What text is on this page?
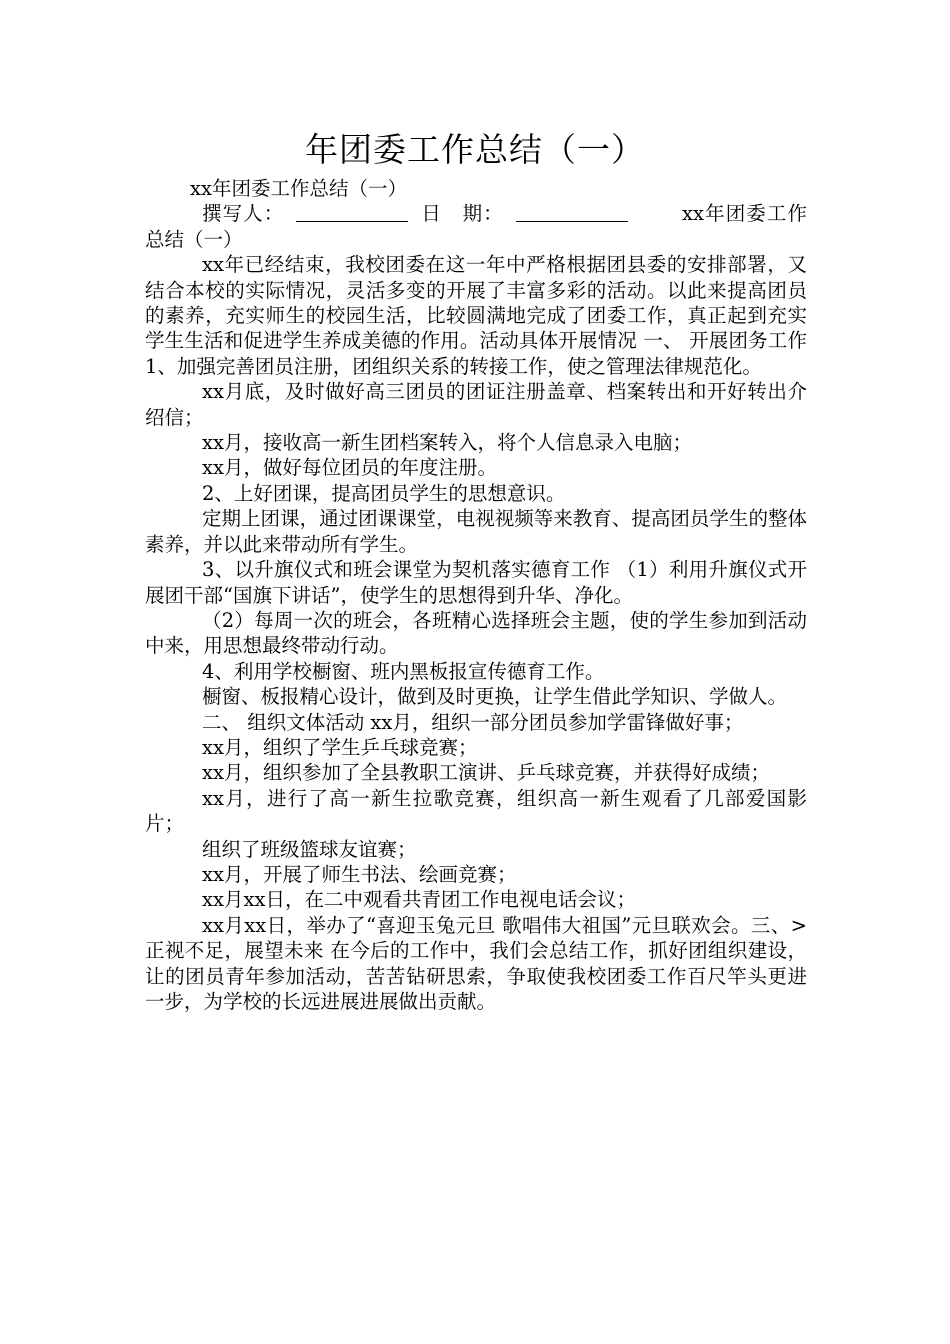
年团委工作总结（一）

xx年团委工作总结（一）

撰写人：	日　期：　　	xx年团委工作总结（一）

xx年已经结束，我校团委在这一年中严格根据团县委的安排部署，又结合本校的实际情况，灵活多变的开展了丰富多彩的活动。以此来提高团员的素养，充实师生的校园生活，比较圆满地完成了团委工作，真正起到充实学生生活和促进学生养成美德的作用。活动具体开展情况 一、 开展团务工作 1、加强完善团员注册，团组织关系的转接工作，使之管理法律规范化。

xx月底，及时做好高三团员的团证注册盖章、档案转出和开好转出介绍信；

xx月，接收高一新生团档案转入，将个人信息录入电脑；

xx月，做好每位团员的年度注册。

2、上好团课，提高团员学生的思想意识。

定期上团课，通过团课课堂，电视视频等来教育、提高团员学生的整体素养，并以此来带动所有学生。

3、以升旗仪式和班会课堂为契机落实德育工作 （1）利用升旗仪式开展团干部“国旗下讲话”，使学生的思想得到升华、净化。

（2）每周一次的班会，各班精心选择班会主题，使的学生参加到活动中来，用思想最终带动行动。

4、利用学校橱窗、班内黑板报宣传德育工作。

橱窗、板报精心设计，做到及时更换，让学生借此学知识、学做人。

二、 组织文体活动 xx月，组织一部分团员参加学雷锋做好事；

xx月，组织了学生乒乓球竞赛；

xx月，组织参加了全县教职工演讲、乒乓球竞赛，并获得好成绩；

xx月，进行了高一新生拉歌竞赛，组织高一新生观看了几部爱国影片；

组织了班级篮球友谊赛；

xx月，开展了师生书法、绘画竞赛；

xx月xx日，在二中观看共青团工作电视电话会议；

xx月xx日，举办了“喜迎玉兔元旦 歌唱伟大祖国”元旦联欢会。三、>正视不足，展望未来 在今后的工作中，我们会总结工作，抓好团组织建设，让的团员青年参加活动，苦苦钻研思索，争取使我校团委工作百尺竿头更进一步，为学校的长远进展进展做出贡献。
